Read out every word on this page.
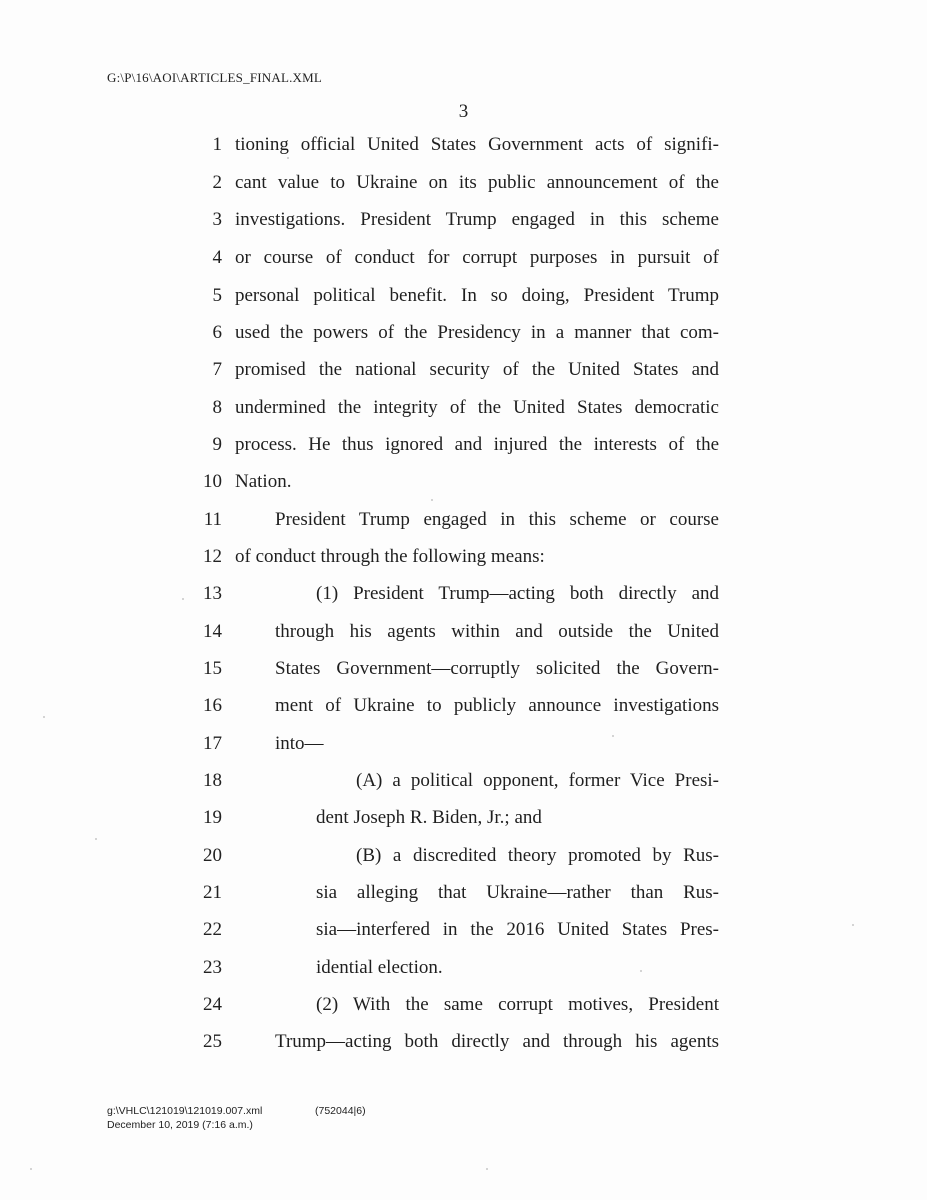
G:\P\16\AOI\ARTICLES_FINAL.XML
3
1 tioning official United States Government acts of signifi-
2 cant value to Ukraine on its public announcement of the
3 investigations. President Trump engaged in this scheme
4 or course of conduct for corrupt purposes in pursuit of
5 personal political benefit. In so doing, President Trump
6 used the powers of the Presidency in a manner that com-
7 promised the national security of the United States and
8 undermined the integrity of the United States democratic
9 process. He thus ignored and injured the interests of the
10 Nation.
11	President Trump engaged in this scheme or course
12 of conduct through the following means:
13	(1) President Trump—acting both directly and
14	through his agents within and outside the United
15	States Government—corruptly solicited the Govern-
16	ment of Ukraine to publicly announce investigations
17	into—
18	(A) a political opponent, former Vice Presi-
19	dent Joseph R. Biden, Jr.; and
20	(B) a discredited theory promoted by Rus-
21	sia alleging that Ukraine—rather than Rus-
22	sia—interfered in the 2016 United States Pres-
23	idential election.
24	(2) With the same corrupt motives, President
25	Trump—acting both directly and through his agents
g:\VHLC\121019\121019.007.xml	(752044|6)
December 10, 2019 (7:16 a.m.)
